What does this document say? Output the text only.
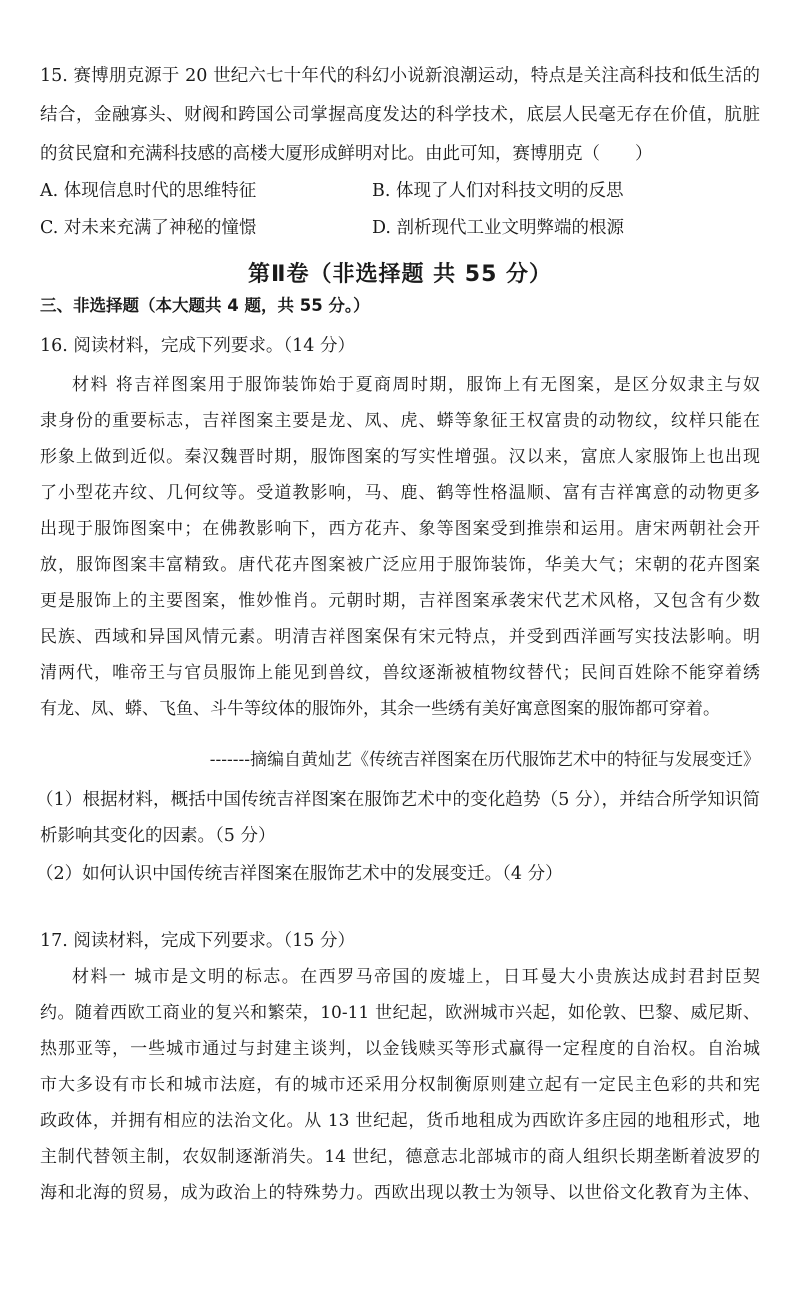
15. 赛博朋克源于 20 世纪六七十年代的科幻小说新浪潮运动，特点是关注高科技和低生活的
结合，金融寡头、财阀和跨国公司掌握高度发达的科学技术，底层人民毫无存在价值，肮脏
的贫民窟和充满科技感的高楼大厦形成鲜明对比。由此可知，赛博朋克（　　）
A. 体现信息时代的思维特征	B. 体现了人们对科技文明的反思
C. 对未来充满了神秘的憧憬	D. 剖析现代工业文明弊端的根源
第Ⅱ卷（非选择题 共 55 分）
三、非选择题（本大题共 4 题，共 55 分。）
16. 阅读材料，完成下列要求。（14 分）
材料 将吉祥图案用于服饰装饰始于夏商周时期，服饰上有无图案，是区分奴隶主与奴
隶身份的重要标志，吉祥图案主要是龙、凤、虎、蟒等象征王权富贵的动物纹，纹样只能在
形象上做到近似。秦汉魏晋时期，服饰图案的写实性增强。汉以来，富庶人家服饰上也出现
了小型花卉纹、几何纹等。受道教影响，马、鹿、鹤等性格温顺、富有吉祥寓意的动物更多
出现于服饰图案中；在佛教影响下，西方花卉、象等图案受到推崇和运用。唐宋两朝社会开
放，服饰图案丰富精致。唐代花卉图案被广泛应用于服饰装饰，华美大气；宋朝的花卉图案
更是服饰上的主要图案，惟妙惟肖。元朝时期，吉祥图案承袭宋代艺术风格，又包含有少数
民族、西域和异国风情元素。明清吉祥图案保有宋元特点，并受到西洋画写实技法影响。明
清两代，唯帝王与官员服饰上能见到兽纹，兽纹逐渐被植物纹替代；民间百姓除不能穿着绣
有龙、凤、蟒、飞鱼、斗牛等纹体的服饰外，其余一些绣有美好寓意图案的服饰都可穿着。
-------摘编自黄灿艺《传统吉祥图案在历代服饰艺术中的特征与发展变迁》
（1）根据材料，概括中国传统吉祥图案在服饰艺术中的变化趋势（5 分），并结合所学知识简
析影响其变化的因素。（5 分）
（2）如何认识中国传统吉祥图案在服饰艺术中的发展变迁。（4 分）
17. 阅读材料，完成下列要求。（15 分）
材料一 城市是文明的标志。在西罗马帝国的废墟上，日耳曼大小贵族达成封君封臣契
约。随着西欧工商业的复兴和繁荣，10-11 世纪起，欧洲城市兴起，如伦敦、巴黎、威尼斯、
热那亚等，一些城市通过与封建主谈判，以金钱赎买等形式赢得一定程度的自治权。自治城
市大多设有市长和城市法庭，有的城市还采用分权制衡原则建立起有一定民主色彩的共和宪
政政体，并拥有相应的法治文化。从 13 世纪起，货币地租成为西欧许多庄园的地租形式，地
主制代替领主制，农奴制逐渐消失。14 世纪，德意志北部城市的商人组织长期垄断着波罗的
海和北海的贸易，成为政治上的特殊势力。西欧出现以教士为领导、以世俗文化教育为主体、
